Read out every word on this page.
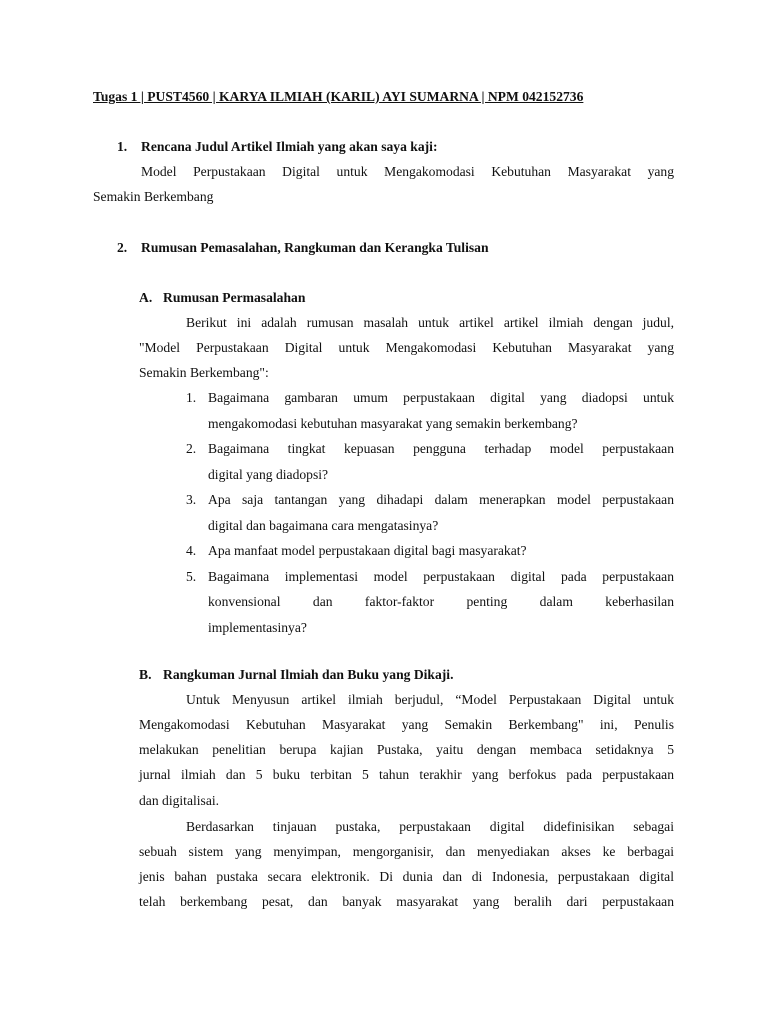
Tugas 1 | PUST4560 | KARYA ILMIAH (KARIL) AYI SUMARNA | NPM 042152736
1. Rencana Judul Artikel Ilmiah yang akan saya kaji:
Model Perpustakaan Digital untuk Mengakomodasi Kebutuhan Masyarakat yang
Semakin Berkembang
2. Rumusan Pemasalahan, Rangkuman dan Kerangka Tulisan
A. Rumusan Permasalahan
Berikut ini adalah rumusan masalah untuk artikel artikel ilmiah dengan judul,
"Model Perpustakaan Digital untuk Mengakomodasi Kebutuhan Masyarakat yang
Semakin Berkembang":
1. Bagaimana gambaran umum perpustakaan digital yang diadopsi untuk
mengakomodasi kebutuhan masyarakat yang semakin berkembang?
2. Bagaimana tingkat kepuasan pengguna terhadap model perpustakaan
digital yang diadopsi?
3. Apa saja tantangan yang dihadapi dalam menerapkan model perpustakaan
digital dan bagaimana cara mengatasinya?
4. Apa manfaat model perpustakaan digital bagi masyarakat?
5. Bagaimana implementasi model perpustakaan digital pada perpustakaan
konvensional dan faktor-faktor penting dalam keberhasilan
implementasinya?
B. Rangkuman Jurnal Ilmiah dan Buku yang Dikaji.
Untuk Menyusun artikel ilmiah berjudul, “Model Perpustakaan Digital untuk
Mengakomodasi Kebutuhan Masyarakat yang Semakin Berkembang" ini, Penulis
melakukan penelitian berupa kajian Pustaka, yaitu dengan membaca setidaknya 5
jurnal ilmiah dan 5 buku terbitan 5 tahun terakhir yang berfokus pada perpustakaan
dan digitalisai.
Berdasarkan tinjauan pustaka, perpustakaan digital didefinisikan sebagai
sebuah sistem yang menyimpan, mengorganisir, dan menyediakan akses ke berbagai
jenis bahan pustaka secara elektronik. Di dunia dan di Indonesia, perpustakaan digital
telah berkembang pesat, dan banyak masyarakat yang beralih dari perpustakaan
